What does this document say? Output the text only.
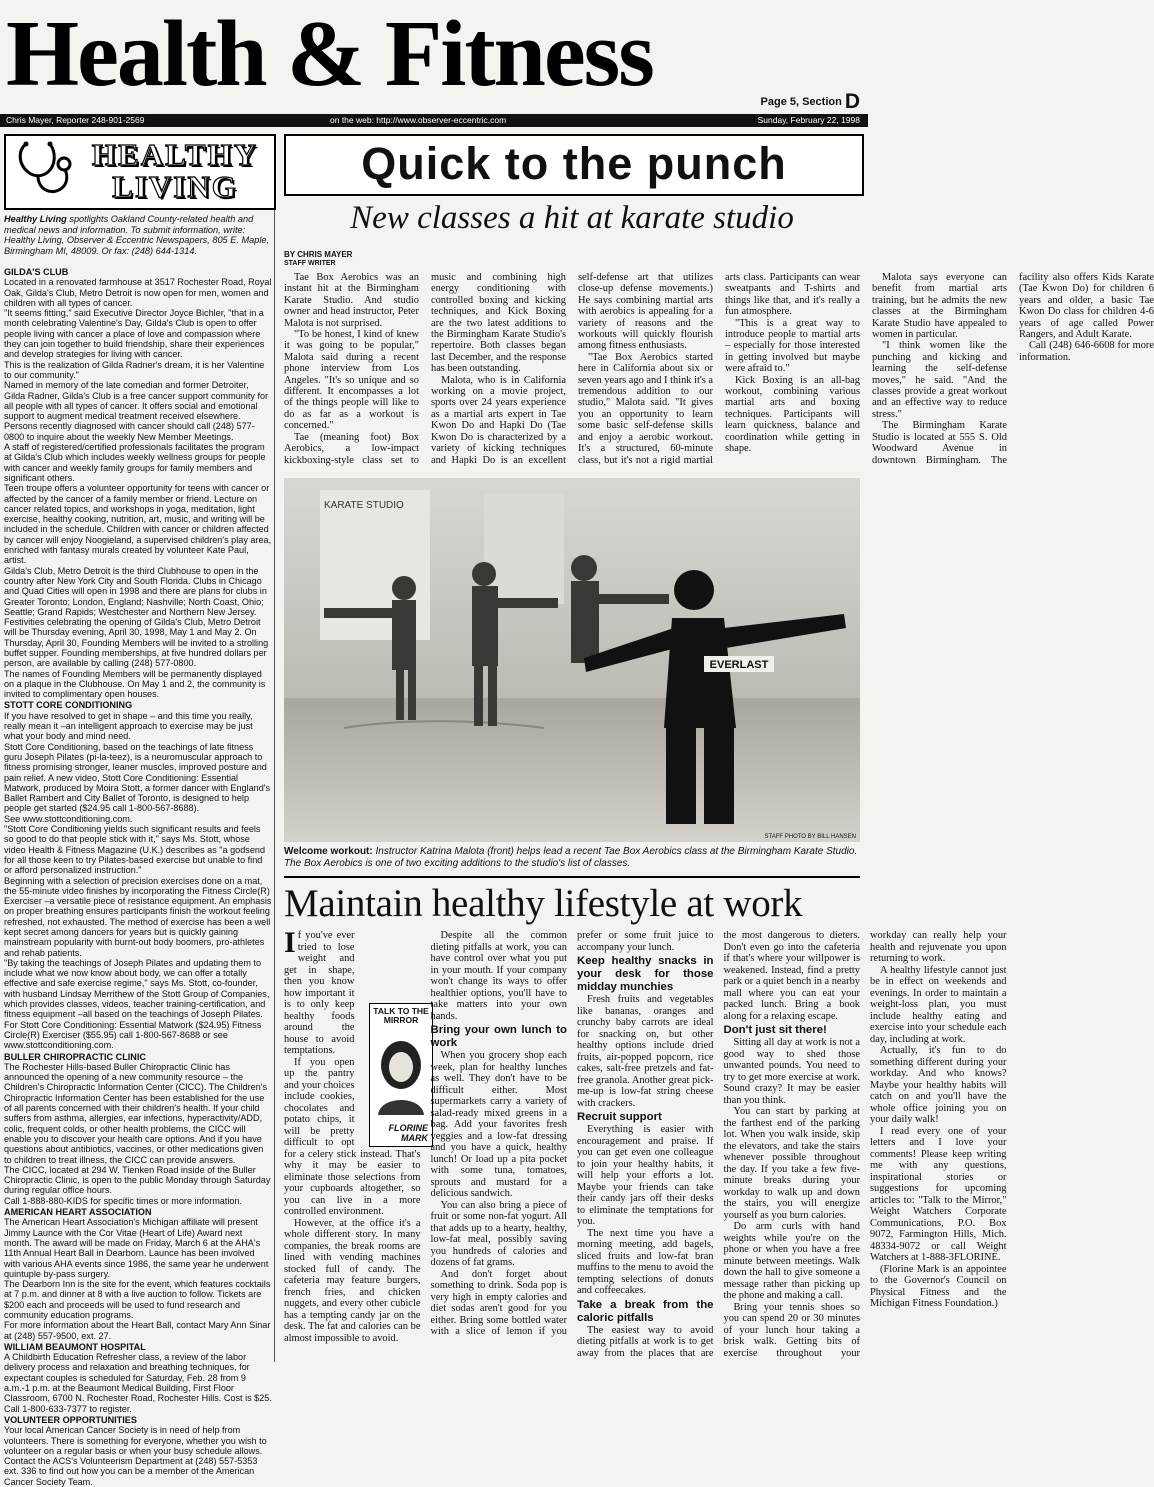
Health & Fitness	Page 5, Section D
Chris Mayer, Reporter 248-901-2569	on the web: http://www.observer-eccentric.com	Sunday, February 22, 1998
HEALTHY
LIVING

Healthy Living spotlights Oakland County-related health and medical news and information. To submit information, write: Healthy Living, Observer & Eccentric Newspapers, 805 E. Maple, Birmingham MI, 48009. Or fax: (248) 644-1314.

GILDA'S CLUB

Located in a renovated farmhouse at 3517 Rochester Road, Royal Oak, Gilda's Club, Metro Detroit is now open for men, women and children with all types of cancer.

"It seems fitting," said Executive Director Joyce Bichler, "that in a month celebrating Valentine's Day, Gilda's Club is open to offer people living with cancer a place of love and compassion where they can join together to build friendship, share their experiences and develop strategies for living with cancer.

This is the realization of Gilda Radner's dream, it is her Valentine to our community."

Named in memory of the late comedian and former Detroiter, Gilda Radner, Gilda's Club is a free cancer support community for all people with all types of cancer. It offers social and emotional support to augment medical treatment received elsewhere. Persons recently diagnosed with cancer should call (248) 577-0800 to inquire about the weekly New Member Meetings.

A staff of registered/certified professionals facilitates the program at Gilda's Club which includes weekly wellness groups for people with cancer and weekly family groups for family members and significant others.

Teen troupe offers a volunteer opportunity for teens with cancer or affected by the cancer of a family member or friend. Lecture on cancer related topics, and workshops in yoga, meditation, light exercise, healthy cooking, nutrition, art, music, and writing will be included in the schedule. Children with cancer or children affected by cancer will enjoy Noogieland, a supervised children's play area, enriched with fantasy murals created by volunteer Kate Paul, artist.

Gilda's Club, Metro Detroit is the third Clubhouse to open in the country after New York City and South Florida. Clubs in Chicago and Quad Cities will open in 1998 and there are plans for clubs in Greater Toronto; London, England; Nashville; North Coast, Ohio; Seattle; Grand Rapids; Westchester and Northern New Jersey.

Festivities celebrating the opening of Gilda's Club, Metro Detroit will be Thursday evening, April 30, 1998, May 1 and May 2. On Thursday, April 30, Founding Members will be invited to a strolling buffet supper. Founding memberships, at five hundred dollars per person, are available by calling (248) 577-0800.

The names of Founding Members will be permanently displayed on a plaque in the Clubhouse. On May 1 and 2, the community is invited to complimentary open houses.

STOTT CORE CONDITIONING

If you have resolved to get in shape – and this time you really, really mean it –an intelligent approach to exercise may be just what your body and mind need.

Stott Core Conditioning, based on the teachings of late fitness guru Joseph Pilates (pi-la-teez), is a neuromuscular approach to fitness promising stronger, leaner muscles, improved posture and pain relief. A new video, Stott Core Conditioning: Essential Matwork, produced by Moira Stott, a former dancer with England's Ballet Rambert and City Ballet of Toronto, is designed to help people get started ($24.95 call 1-800-567-8688).

See www.stottconditioning.com.

"Stott Core Conditioning yields such significant results and feels so good to do that people stick with it," says Ms. Stott, whose video Health & Fitness Magazine (U.K.) describes as "a godsend for all those keen to try Pilates-based exercise but unable to find or afford personalized instruction."

Beginning with a selection of precision exercises done on a mat, the 55-minute video finishes by incorporating the Fitness Circle(R) Exerciser –a versatile piece of resistance equipment. An emphasis on proper breathing ensures participants finish the workout feeling refreshed, not exhausted. The method of exercise has been a well kept secret among dancers for years but is quickly gaining mainstream popularity with burnt-out body boomers, pro-athletes and rehab patients.

"By taking the teachings of Joseph Pilates and updating them to include what we now know about body, we can offer a totally effective and safe exercise regime," says Ms. Stott, co-founder, with husband Lindsay Merrithew of the Stott Group of Companies, which provides classes, videos, teacher training-certification, and fitness equipment –all based on the teachings of Joseph Pilates.

For Stott Core Conditioning: Essential Matwork ($24.95) Fitness Circle(R) Exerciser ($55.95) call 1-800-567-8688 or see www.stottconditioning.com.

BULLER CHIROPRACTIC CLINIC

The Rochester Hills-based Buller Chiropractic Clinic has announced the opening of a new community resource – the Children's Chiropractic Information Center (CICC). The Children's Chiropractic Information Center has been established for the use of all parents concerned with their children's health. If your child suffers from asthma, allergies, ear infections, hyperactivity/ADD, colic, frequent colds, or other health problems, the CICC will enable you to discover your health care options. And if you have questions about antibiotics, vaccines, or other medications given to children to treat illness, the CICC can provide answers.

The CICC, located at 294 W. Tienken Road inside of the Buller Chiropractic Clinic, is open to the public Monday through Saturday during regular office hours.

Call 1-888-880-KIDS for specific times or more information.

AMERICAN HEART ASSOCIATION

The American Heart Association's Michigan affiliate will present Jimmy Launce with the Cor Vitae (Heart of Life) Award next month. The award will be made on Friday, March 6 at the AHA's 11th Annual Heart Ball in Dearborn. Launce has been involved with various AHA events since 1986, the same year he underwent quintuple by-pass surgery.

The Dearborn Inn is the site for the event, which features cocktails at 7 p.m. and dinner at 8 with a live auction to follow. Tickets are $200 each and proceeds will be used to fund research and community education programs.

For more information about the Heart Ball, contact Mary Ann Sinar at (248) 557-9500, ext. 27.

WILLIAM BEAUMONT HOSPITAL

A Childbirth Education Refresher class, a review of the labor delivery process and relaxation and breathing techniques, for expectant couples is scheduled for Saturday, Feb. 28 from 9 a.m.-1 p.m. at the Beaumont Medical Building, First Floor Classroom, 6700 N. Rochester Road, Rochester Hills. Cost is $25. Call 1-800-633-7377 to register.

VOLUNTEER OPPORTUNITIES

Your local American Cancer Society is in need of help from volunteers. There is something for everyone, whether you wish to volunteer on a regular basis or when your busy schedule allows.

Contact the ACS's Volunteerism Department at (248) 557-5353 ext. 336 to find out how you can be a member of the American Cancer Society Team.

Quick to the punch
New classes a hit at karate studio
BY CHRIS MAYER
STAFF WRITER

Tae Box Aerobics was an instant hit at the Birmingham Karate Studio. And studio owner and head instructor, Peter Malota is not surprised.

"To be honest, I kind of knew it was going to be popular," Malota said during a recent phone interview from Los Angeles. "It's so unique and so different. It encompasses a lot of the things people will like to do as far as a workout is concerned."

Tae (meaning foot) Box Aerobics, a low-impact kickboxing-style class set to music and combining high energy conditioning with controlled boxing and kicking techniques, and Kick Boxing are the two latest additions to the Birmingham Karate Studio's repertoire. Both classes began last December, and the response has been outstanding.

Malota, who is in California working on a movie project, sports over 24 years experience as a martial arts expert in Tae Kwon Do and Hapki Do (Tae Kwon Do is characterized by a variety of kicking techniques and Hapki Do is an excellent self-defense art that utilizes close-up defense movements.) He says combining martial arts with aerobics is appealing for a variety of reasons and the workouts will quickly flourish among fitness enthusiasts.

"Tae Box Aerobics started here in California about six or seven years ago and I think it's a tremendous addition to our studio," Malota said. "It gives you an opportunity to learn some basic self-defense skills and enjoy a aerobic workout. It's a structured, 60-minute class, but it's not a rigid martial arts class. Participants can wear sweatpants and T-shirts and things like that, and it's really a fun atmosphere.

"This is a great way to introduce people to martial arts – especially for those interested in getting involved but maybe were afraid to."

Kick Boxing is an all-bag workout, combining various martial arts and boxing techniques. Participants will learn quickness, balance and coordination while getting in shape.

Malota says everyone can benefit from martial arts training, but he admits the new classes at the Birmingham Karate Studio have appealed to women in particular.

"I think women like the punching and kicking and learning the self-defense moves," he said. "And the classes provide a great workout and an effective way to reduce stress."

The Birmingham Karate Studio is located at 555 S. Old Woodward Avenue in downtown Birmingham. The facility also offers Kids Karate (Tae Kwon Do) for children 6 years and older, a basic Tae Kwon Do class for children 4-6 years of age called Power Rangers, and Adult Karate.

Call (248) 646-6608 for more information.

EVERLAST
KARATE STUDIO
STAFF PHOTO BY BILL HANSEN
Welcome workout: Instructor Katrina Malota (front) helps lead a recent Tae Box Aerobics class at the Birmingham Karate Studio. The Box Aerobics is one of two exciting additions to the studio's list of classes.
Maintain healthy lifestyle at work
TALK TO THE MIRROR
FLORINE MARK

If you've ever tried to lose weight and get in shape, then you know how important it is to only keep healthy foods around the house to avoid temptations.

If you open up the pantry and your choices include cookies, chocolates and potato chips, it will be pretty difficult to opt for a celery stick instead. That's why it may be easier to eliminate those selections from your cupboards altogether, so you can live in a more controlled environment.

However, at the office it's a whole different story. In many companies, the break rooms are lined with vending machines stocked full of candy. The cafeteria may feature burgers, french fries, and chicken nuggets, and every other cubicle has a tempting candy jar on the desk. The fat and calories can be almost impossible to avoid.

Despite all the common dieting pitfalls at work, you can have control over what you put in your mouth. If your company won't change its ways to offer healthier options, you'll have to take matters into your own hands.

Bring your own lunch to work

When you grocery shop each week, plan for healthy lunches as well. They don't have to be difficult either. Most supermarkets carry a variety of salad-ready mixed greens in a bag. Add your favorites fresh veggies and a low-fat dressing and you have a quick, healthy lunch! Or load up a pita pocket with some tuna, tomatoes, sprouts and mustard for a delicious sandwich.

You can also bring a piece of fruit or some non-fat yogurt. All that adds up to a hearty, healthy, low-fat meal, possibly saving you hundreds of calories and dozens of fat grams.

And don't forget about something to drink. Soda pop is very high in empty calories and diet sodas aren't good for you either. Bring some bottled water with a slice of lemon if you prefer or some fruit juice to accompany your lunch.

Keep healthy snacks in your desk for those midday munchies

Fresh fruits and vegetables like bananas, oranges and crunchy baby carrots are ideal for snacking on, but other healthy options include dried fruits, air-popped popcorn, rice cakes, salt-free pretzels and fat-free granola. Another great pick-me-up is low-fat string cheese with crackers.

Recruit support

Everything is easier with encouragement and praise. If you can get even one colleague to join your healthy habits, it will help your efforts a lot. Maybe your friends can take their candy jars off their desks to eliminate the temptations for you.

The next time you have a morning meeting, add bagels, sliced fruits and low-fat bran muffins to the menu to avoid the tempting selections of donuts and coffeecakes.

Take a break from the caloric pitfalls

The easiest way to avoid dieting pitfalls at work is to get away from the places that are the most dangerous to dieters. Don't even go into the cafeteria if that's where your willpower is weakened. Instead, find a pretty park or a quiet bench in a nearby mall where you can eat your packed lunch. Bring a book along for a relaxing escape.

Don't just sit there!

Sitting all day at work is not a good way to shed those unwanted pounds. You need to try to get more exercise at work. Sound crazy? It may be easier than you think.

You can start by parking at the farthest end of the parking lot. When you walk inside, skip the elevators, and take the stairs whenever possible throughout the day. If you take a few five-minute breaks during your workday to walk up and down the stairs, you will energize yourself as you burn calories.

Do arm curls with hand weights while you're on the phone or when you have a free minute between meetings. Walk down the hall to give someone a message rather than picking up the phone and making a call.

Bring your tennis shoes so you can spend 20 or 30 minutes of your lunch hour taking a brisk walk. Getting bits of exercise throughout your workday can really help your health and rejuvenate you upon returning to work.

A healthy lifestyle cannot just be in effect on weekends and evenings. In order to maintain a weight-loss plan, you must include healthy eating and exercise into your schedule each day, including at work.

Actually, it's fun to do something different during your workday. And who knows? Maybe your healthy habits will catch on and you'll have the whole office joining you on your daily walk!

I read every one of your letters and I love your comments! Please keep writing me with any questions, inspirational stories or suggestions for upcoming articles to: "Talk to the Mirror," Weight Watchers Corporate Communications, P.O. Box 9072, Farmington Hills, Mich. 48334-9072 or call Weight Watchers at 1-888-3FLORINE.

(Florine Mark is an appointee to the Governor's Council on Physical Fitness and the Michigan Fitness Foundation.)
